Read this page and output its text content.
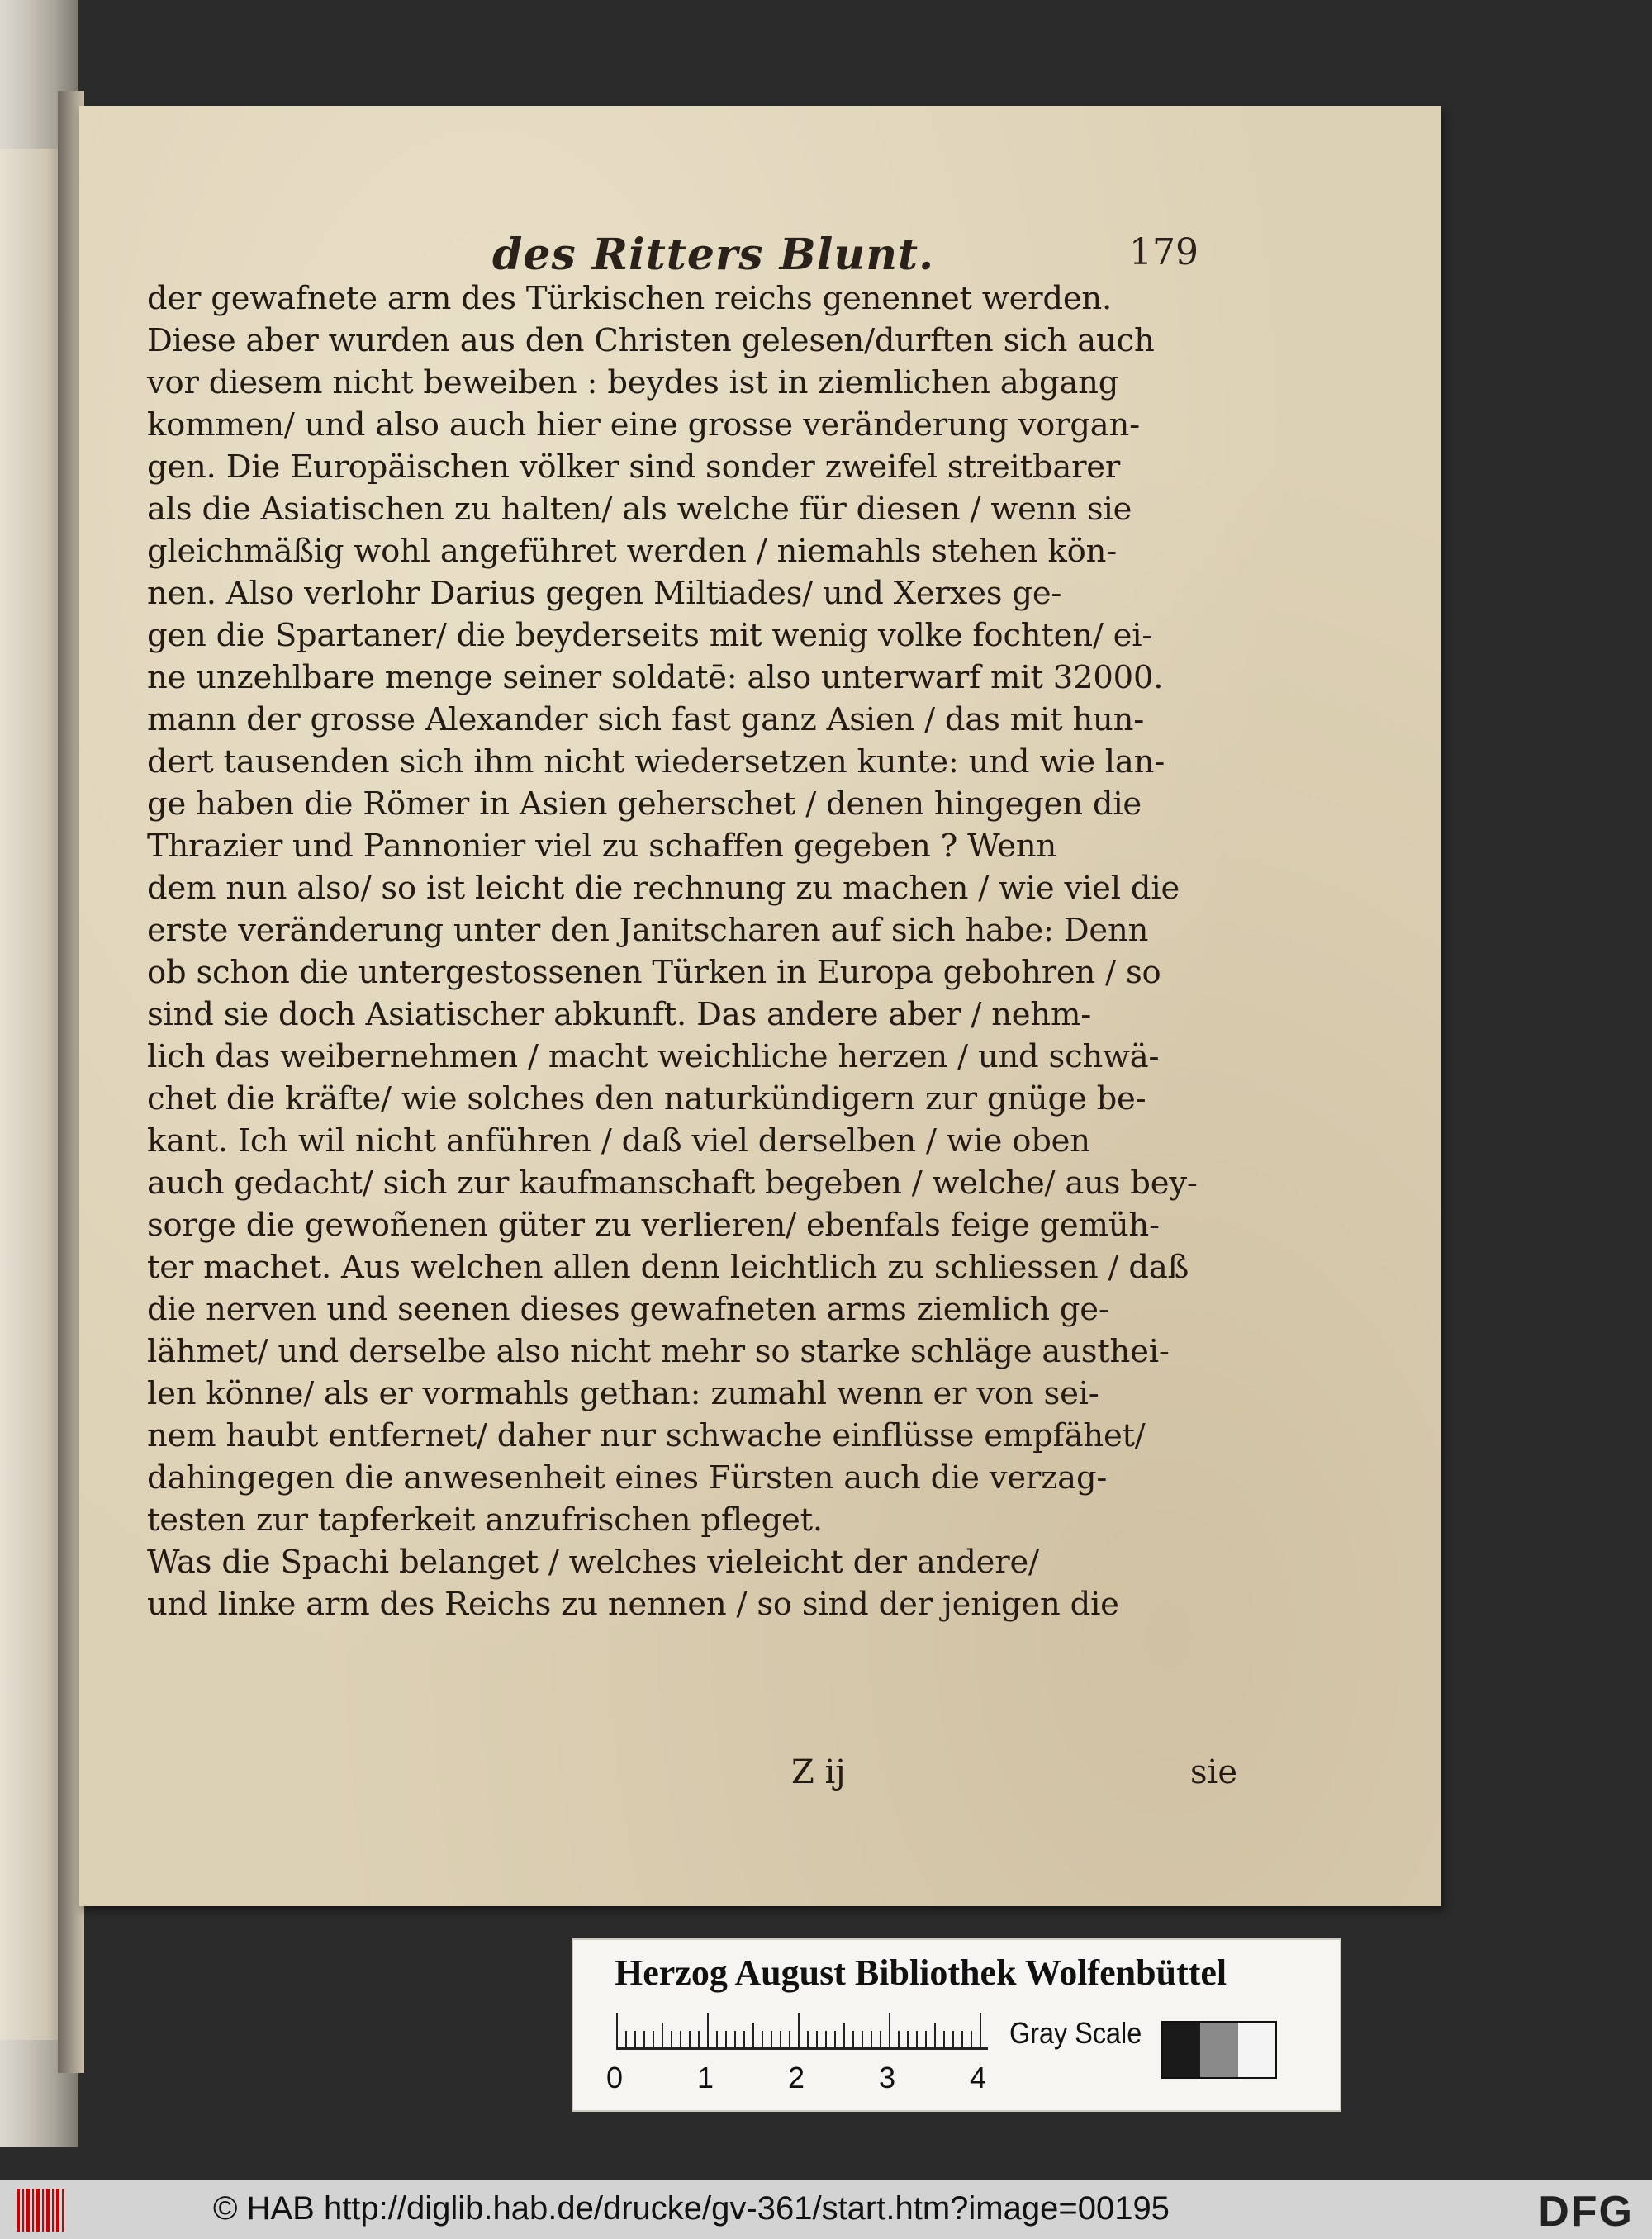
des Ritters Blunt.	179
der gewafnete arm des Türkischen reichs genennet werden.
Diese aber wurden aus den Christen gelesen/durften sich auch
vor diesem nicht beweiben : beydes ist in ziemlichen abgang
kommen/ und also auch hier eine grosse veränderung vorgan-
gen. Die Europäischen völker sind sonder zweifel streitbarer
als die Asiatischen zu halten/ als welche für diesen / wenn sie
gleichmäßig wohl angeführet werden / niemahls stehen kön-
nen. Also verlohr Darius gegen Miltiades/ und Xerxes ge-
gen die Spartaner/ die beyderseits mit wenig volke fochten/ ei-
ne unzehlbare menge seiner soldatē: also unterwarf mit 32000.
mann der grosse Alexander sich fast ganz Asien / das mit hun-
dert tausenden sich ihm nicht wiedersetzen kunte: und wie lan-
ge haben die Römer in Asien geherschet / denen hingegen die
Thrazier und Pannonier viel zu schaffen gegeben ? Wenn
dem nun also/ so ist leicht die rechnung zu machen / wie viel die
erste veränderung unter den Janitscharen auf sich habe: Denn
ob schon die untergestossenen Türken in Europa gebohren / so
sind sie doch Asiatischer abkunft. Das andere aber / nehm-
lich das weibernehmen / macht weichliche herzen / und schwä-
chet die kräfte/ wie solches den naturkündigern zur gnüge be-
kant. Ich wil nicht anführen / daß viel derselben / wie oben
auch gedacht/ sich zur kaufmanschaft begeben / welche/ aus bey-
sorge die gewoñenen güter zu verlieren/ ebenfals feige gemüh-
ter machet. Aus welchen allen denn leichtlich zu schliessen / daß
die nerven und seenen dieses gewafneten arms ziemlich ge-
lähmet/ und derselbe also nicht mehr so starke schläge austhei-
len könne/ als er vormahls gethan: zumahl wenn er von sei-
nem haubt entfernet/ daher nur schwache einflüsse empfähet/
dahingegen die anwesenheit eines Fürsten auch die verzag-
testen zur tapferkeit anzufrischen pfleget.
Was die Spachi belanget / welches vieleicht der andere/
und linke arm des Reichs zu nennen / so sind der jenigen die
Z ij	sie
Herzog August Bibliothek Wolfenbüttel
0 1 2 3 4
Gray Scale
© HAB http://diglib.hab.de/drucke/gv-361/start.htm?image=00195	DFG
